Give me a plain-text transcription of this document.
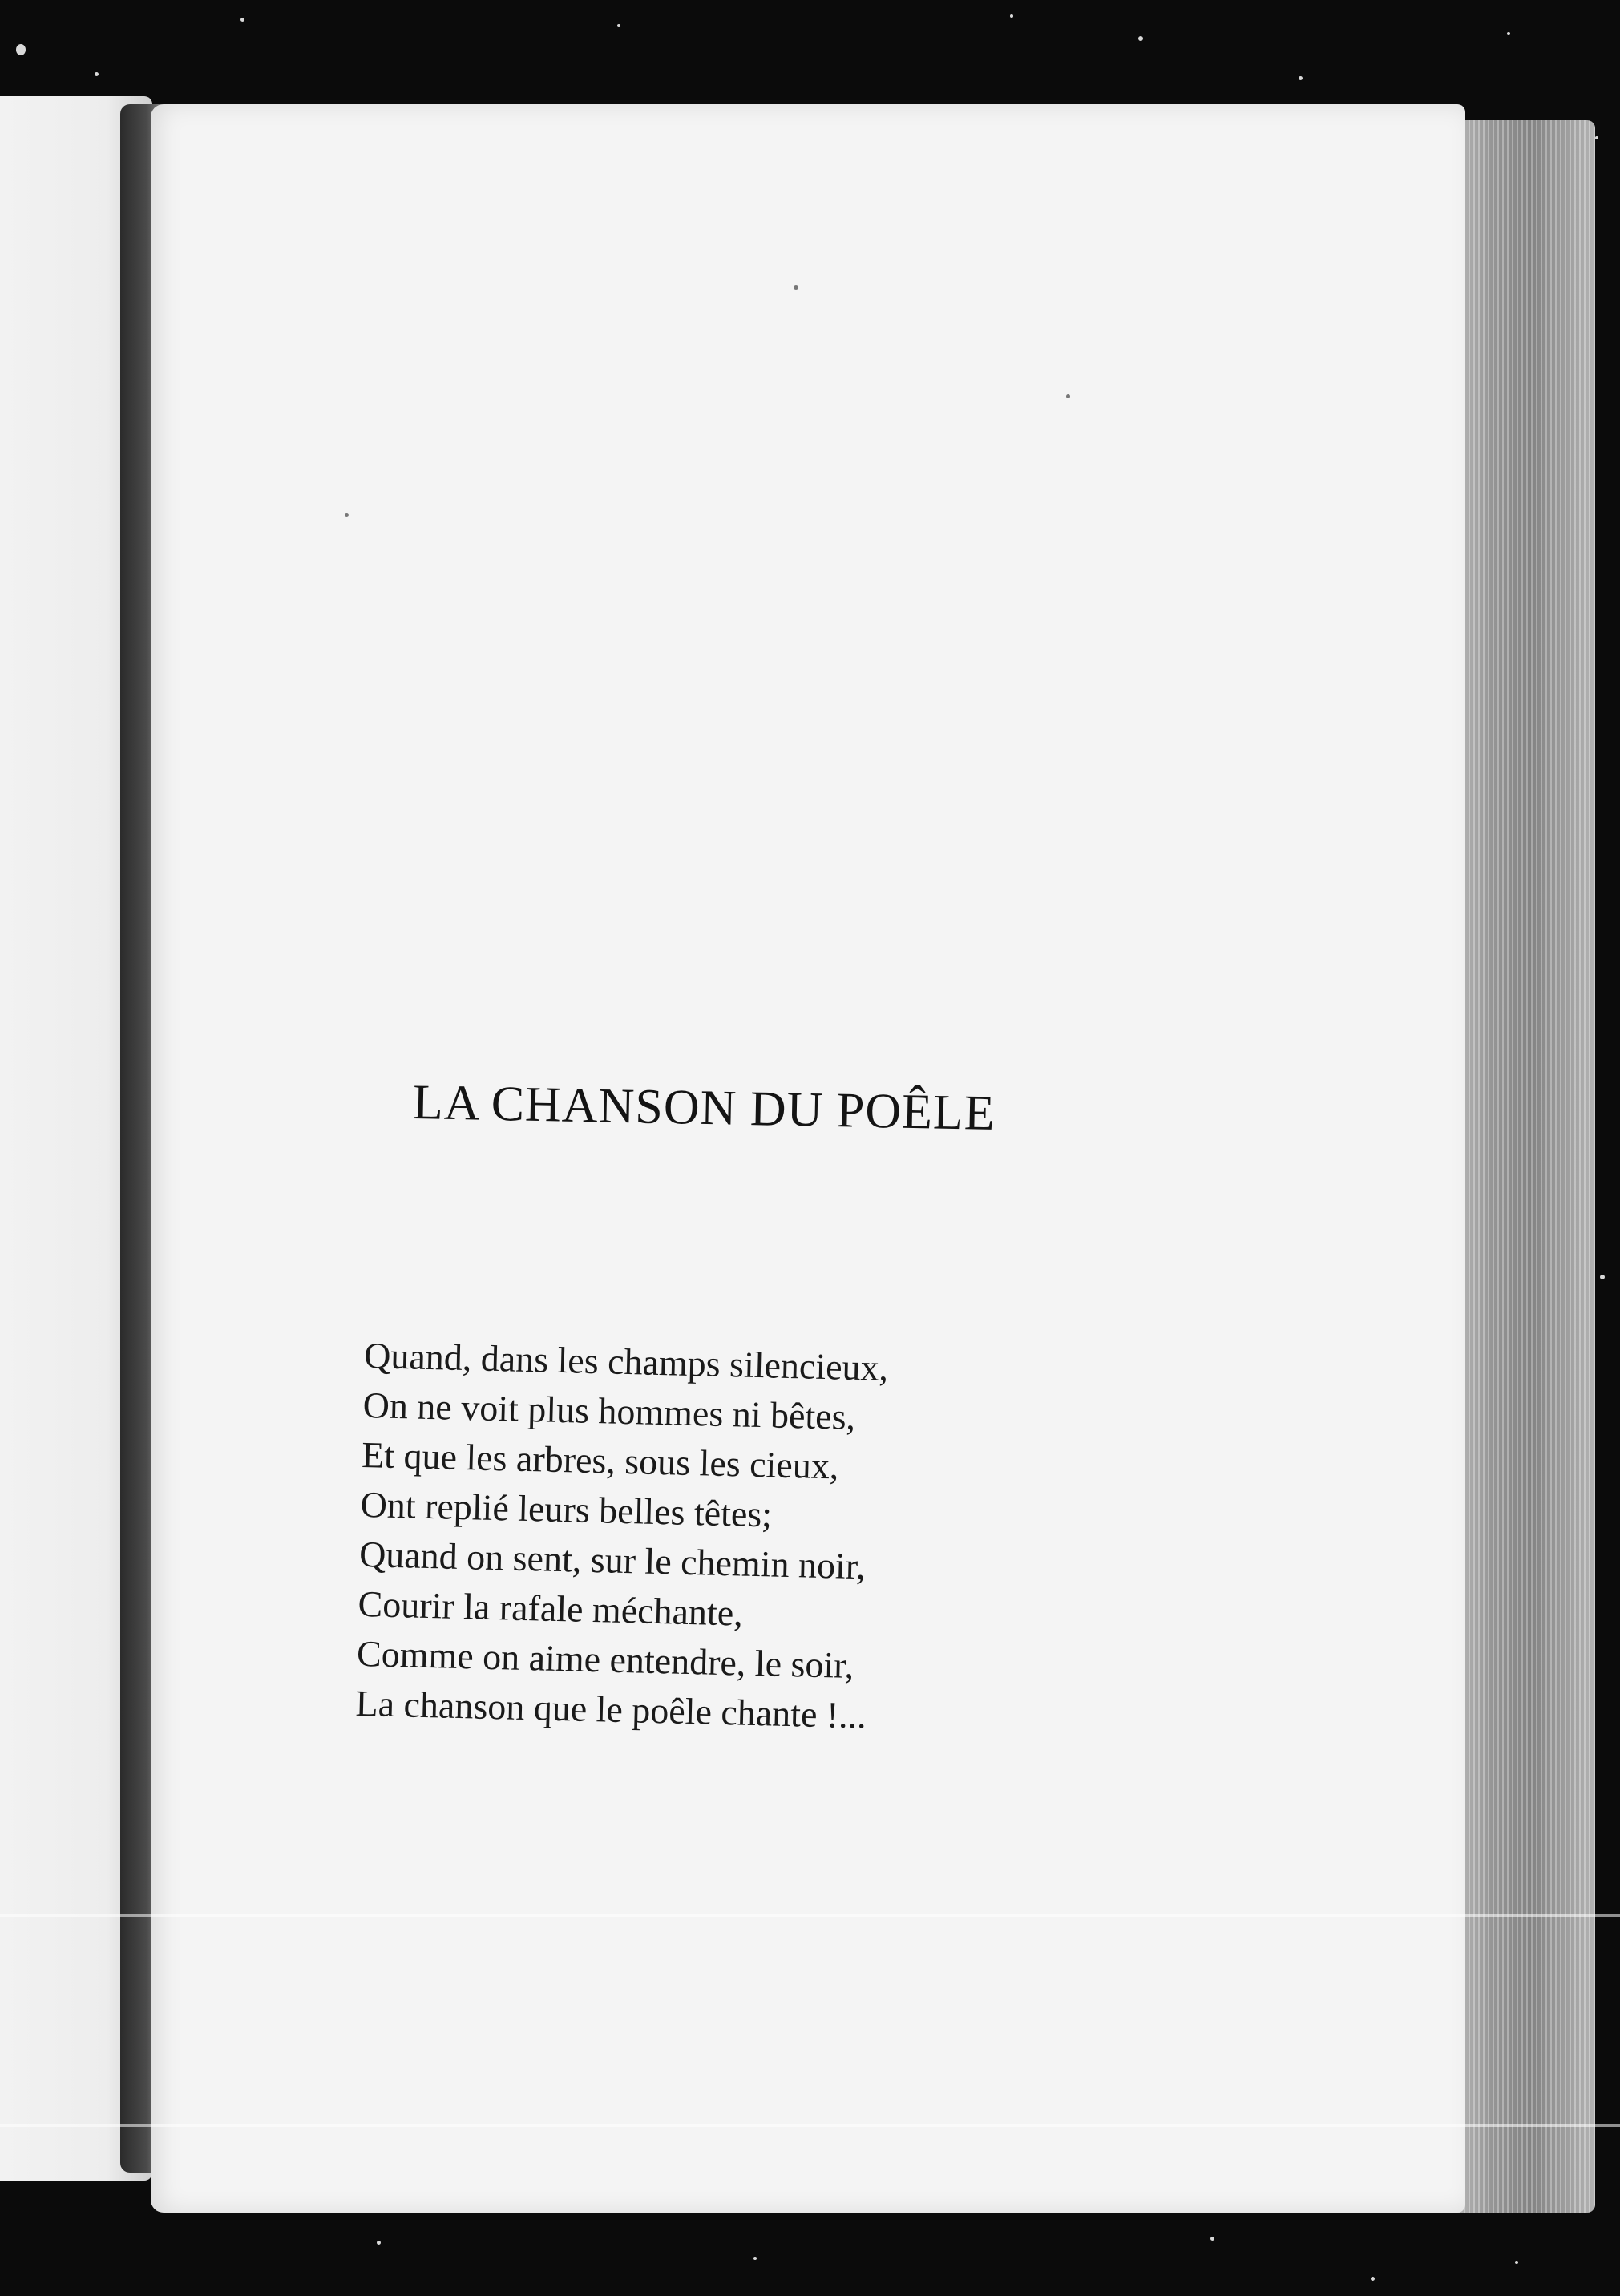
LA CHANSON DU POÊLE
Quand, dans les champs silencieux,
On ne voit plus hommes ni bêtes,
Et que les arbres, sous les cieux,
Ont replié leurs belles têtes;
Quand on sent, sur le chemin noir,
Courir la rafale méchante,
Comme on aime entendre, le soir,
La chanson que le poêle chante !...
